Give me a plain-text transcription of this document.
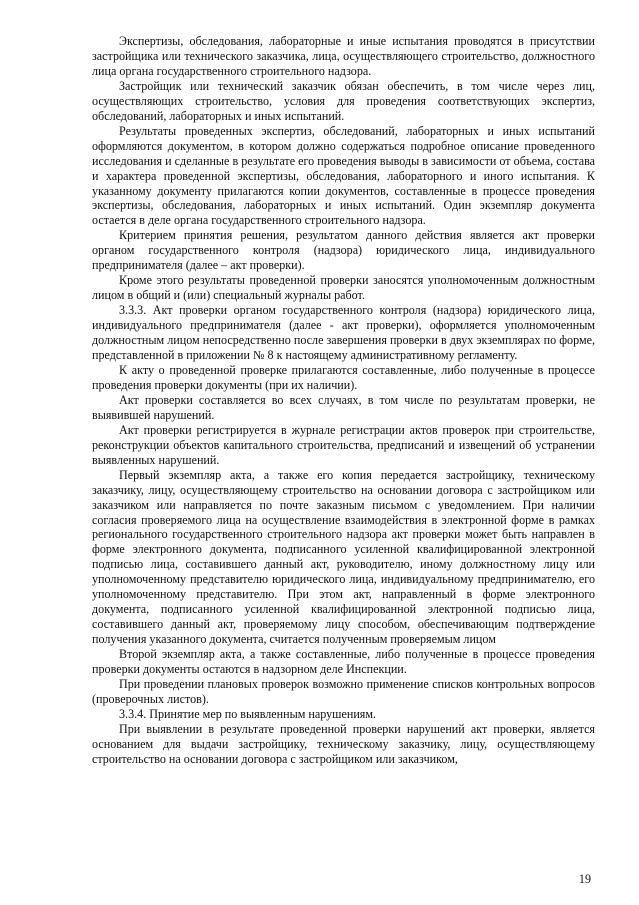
Экспертизы, обследования, лабораторные и иные испытания проводятся в присутствии застройщика или технического заказчика, лица, осуществляющего строительство, должностного лица органа государственного строительного надзора.

Застройщик или технический заказчик обязан обеспечить, в том числе через лиц, осуществляющих строительство, условия для проведения соответствующих экспертиз, обследований, лабораторных и иных испытаний.

Результаты проведенных экспертиз, обследований, лабораторных и иных испытаний оформляются документом, в котором должно содержаться подробное описание проведенного исследования и сделанные в результате его проведения выводы в зависимости от объема, состава и характера проведенной экспертизы, обследования, лабораторного и иного испытания. К указанному документу прилагаются копии документов, составленные в процессе проведения экспертизы, обследования, лабораторных и иных испытаний. Один экземпляр документа остается в деле органа государственного строительного надзора.

Критерием принятия решения, результатом данного действия является акт проверки органом государственного контроля (надзора) юридического лица, индивидуального предпринимателя (далее – акт проверки).

Кроме этого результаты проведенной проверки заносятся уполномоченным должностным лицом в общий и (или) специальный журналы работ.

3.3.3. Акт проверки органом государственного контроля (надзора) юридического лица, индивидуального предпринимателя (далее - акт проверки), оформляется уполномоченным должностным лицом непосредственно после завершения проверки в двух экземплярах по форме, представленной в приложении № 8 к настоящему административному регламенту.

К акту о проведенной проверке прилагаются составленные, либо полученные в процессе проведения проверки документы (при их наличии).

Акт проверки составляется во всех случаях, в том числе по результатам проверки, не выявившей нарушений.

Акт проверки регистрируется в журнале регистрации актов проверок при строительстве, реконструкции объектов капитального строительства, предписаний и извещений об устранении выявленных нарушений.

Первый экземпляр акта, а также его копия передается застройщику, техническому заказчику, лицу, осуществляющему строительство на основании договора с застройщиком или заказчиком или направляется по почте заказным письмом с уведомлением. При наличии согласия проверяемого лица на осуществление взаимодействия в электронной форме в рамках регионального государственного строительного надзора акт проверки может быть направлен в форме электронного документа, подписанного усиленной квалифицированной электронной подписью лица, составившего данный акт, руководителю, иному должностному лицу или уполномоченному представителю юридического лица, индивидуальному предпринимателю, его уполномоченному представителю. При этом акт, направленный в форме электронного документа, подписанного усиленной квалифицированной электронной подписью лица, составившего данный акт, проверяемому лицу способом, обеспечивающим подтверждение получения указанного документа, считается полученным проверяемым лицом

Второй экземпляр акта, а также составленные, либо полученные в процессе проведения проверки документы остаются в надзорном деле Инспекции.

При проведении плановых проверок возможно применение списков контрольных вопросов (проверочных листов).

3.3.4. Принятие мер по выявленным нарушениям.

При выявлении в результате проведенной проверки нарушений акт проверки, является основанием для выдачи застройщику, техническому заказчику, лицу, осуществляющему строительство на основании договора с застройщиком или заказчиком,

19
